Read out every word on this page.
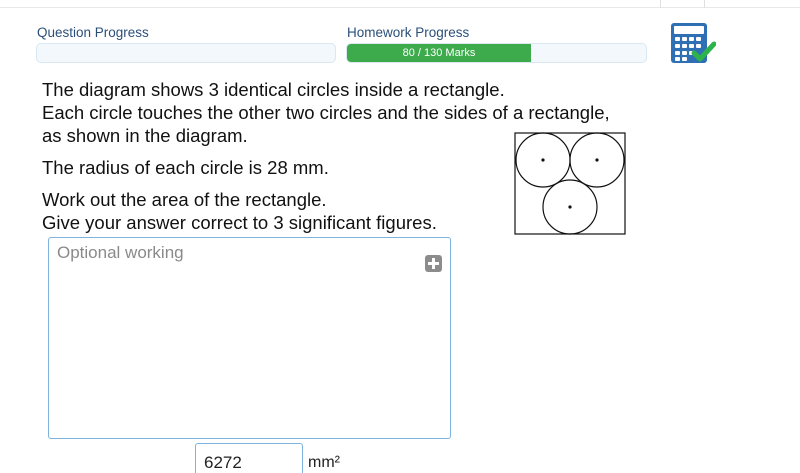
Question Progress	Homework Progress
80 / 130 Marks
The diagram shows 3 identical circles inside a rectangle.
Each circle touches the other two circles and the sides of a rectangle,
as shown in the diagram.
The radius of each circle is 28 mm.
Work out the area of the rectangle.
Give your answer correct to 3 significant figures.
Optional working
6272
mm²
